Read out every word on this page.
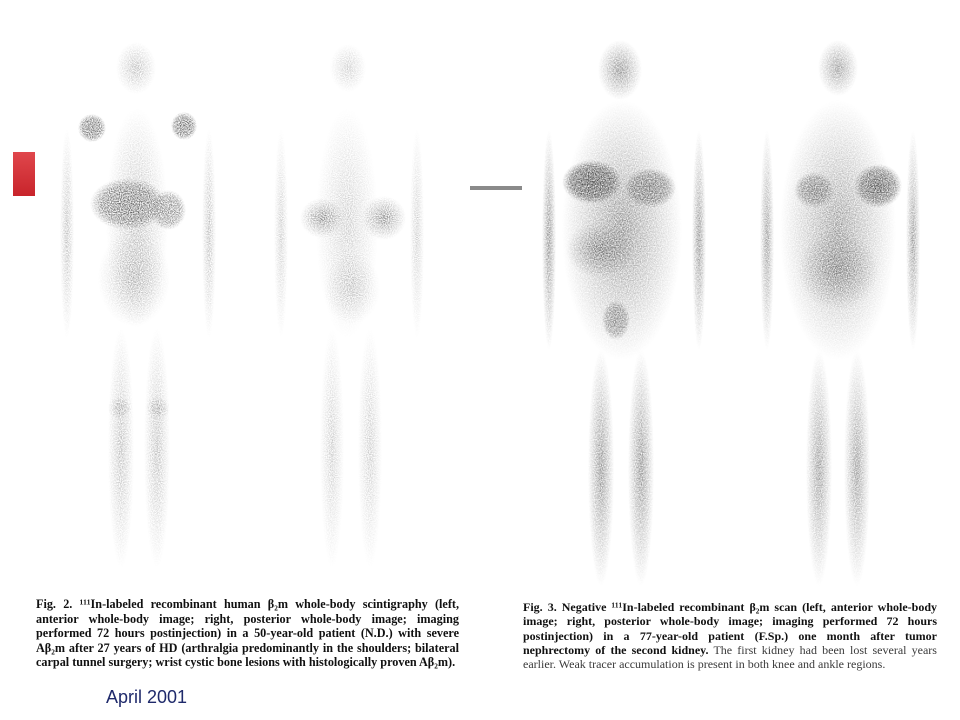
Fig. 2. ¹¹¹In-labeled recombinant human β₂m whole-body scintigraphy (left, anterior whole-body image; right, posterior whole-body image; imaging performed 72 hours postinjection) in a 50-year-old patient (N.D.) with severe Aβ₂m after 27 years of HD (arthralgia predominantly in the shoulders; bilateral carpal tunnel surgery; wrist cystic bone lesions with histologically proven Aβ₂m).
Fig. 3. Negative ¹¹¹In-labeled recombinant β₂m scan (left, anterior whole-body image; right, posterior whole-body image; imaging performed 72 hours postinjection) in a 77-year-old patient (F.Sp.) one month after tumor nephrectomy of the second kidney. The first kidney had been lost several years earlier. Weak tracer accumulation is present in both knee and ankle regions.
April 2001
